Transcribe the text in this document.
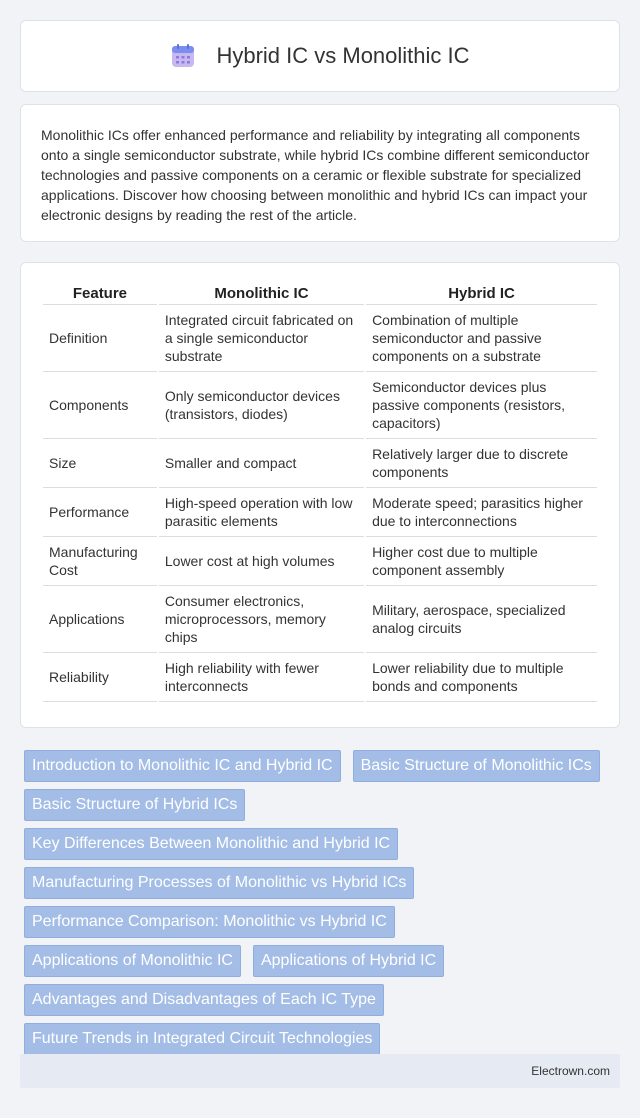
Hybrid IC vs Monolithic IC

Monolithic ICs offer enhanced performance and reliability by integrating all components onto a single semiconductor substrate, while hybrid ICs combine different semiconductor technologies and passive components on a ceramic or flexible substrate for specialized applications. Discover how choosing between monolithic and hybrid ICs can impact your electronic designs by reading the rest of the article.

Feature	Monolithic IC	Hybrid IC
Definition	Integrated circuit fabricated on a single semiconductor substrate	Combination of multiple semiconductor and passive components on a substrate
Components	Only semiconductor devices (transistors, diodes)	Semiconductor devices plus passive components (resistors, capacitors)
Size	Smaller and compact	Relatively larger due to discrete components
Performance	High-speed operation with low parasitic elements	Moderate speed; parasitics higher due to interconnections
Manufacturing Cost	Lower cost at high volumes	Higher cost due to multiple component assembly
Applications	Consumer electronics, microprocessors, memory chips	Military, aerospace, specialized analog circuits
Reliability	High reliability with fewer interconnects	Lower reliability due to multiple bonds and components
Introduction to Monolithic IC and Hybrid IC	Basic Structure of Monolithic ICs
Basic Structure of Hybrid ICs
Key Differences Between Monolithic and Hybrid IC
Manufacturing Processes of Monolithic vs Hybrid ICs
Performance Comparison: Monolithic vs Hybrid IC
Applications of Monolithic IC	Applications of Hybrid IC
Advantages and Disadvantages of Each IC Type
Future Trends in Integrated Circuit Technologies
Electrown.com
